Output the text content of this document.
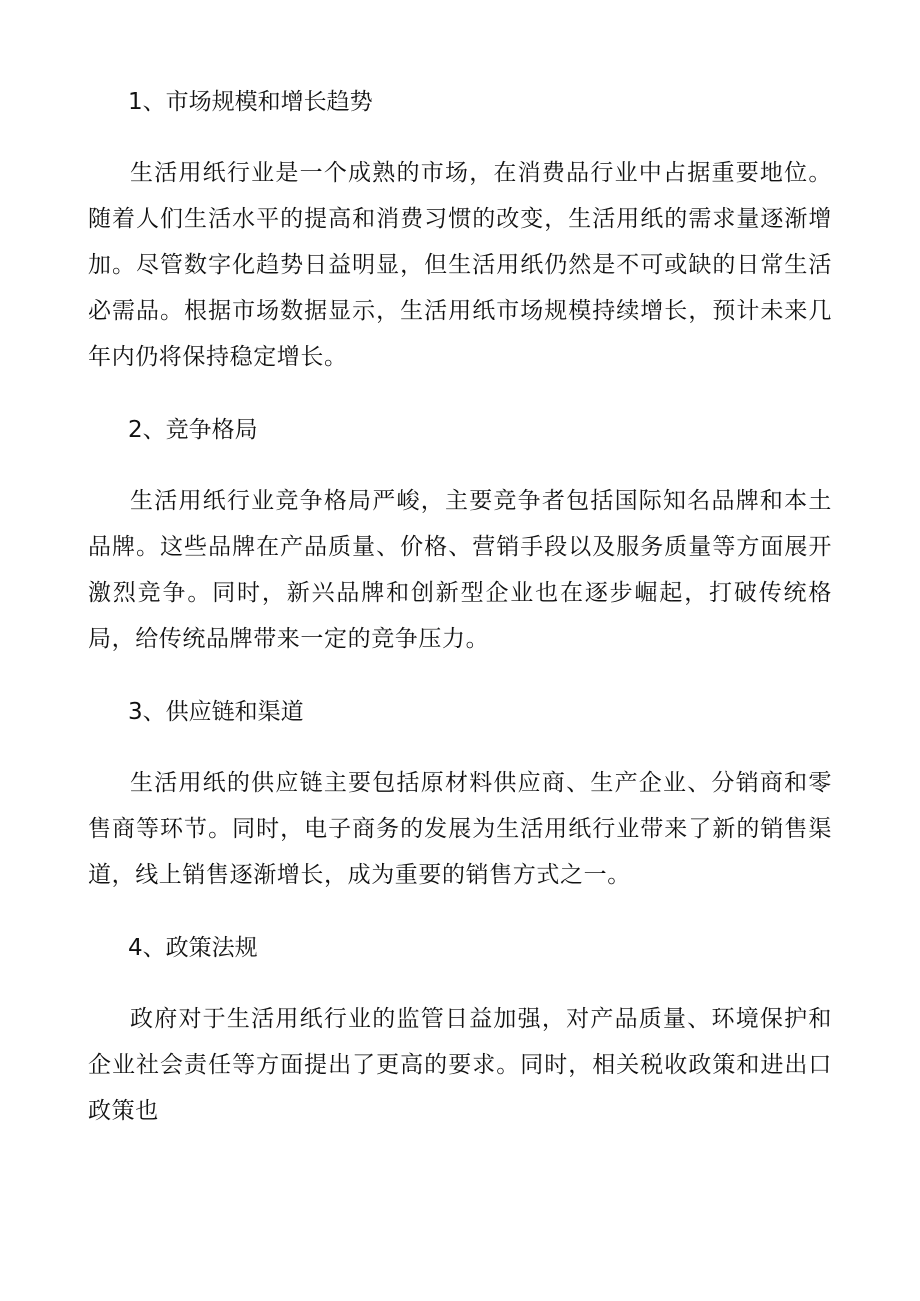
1、市场规模和增长趋势

生活用纸行业是一个成熟的市场，在消费品行业中占据重要地位。随着人们生活水平的提高和消费习惯的改变，生活用纸的需求量逐渐增加。尽管数字化趋势日益明显，但生活用纸仍然是不可或缺的日常生活必需品。根据市场数据显示，生活用纸市场规模持续增长，预计未来几年内仍将保持稳定增长。

2、竞争格局

生活用纸行业竞争格局严峻，主要竞争者包括国际知名品牌和本土品牌。这些品牌在产品质量、价格、营销手段以及服务质量等方面展开激烈竞争。同时，新兴品牌和创新型企业也在逐步崛起，打破传统格局，给传统品牌带来一定的竞争压力。

3、供应链和渠道

生活用纸的供应链主要包括原材料供应商、生产企业、分销商和零售商等环节。同时，电子商务的发展为生活用纸行业带来了新的销售渠道，线上销售逐渐增长，成为重要的销售方式之一。

4、政策法规

政府对于生活用纸行业的监管日益加强，对产品质量、环境保护和企业社会责任等方面提出了更高的要求。同时，相关税收政策和进出口政策也
